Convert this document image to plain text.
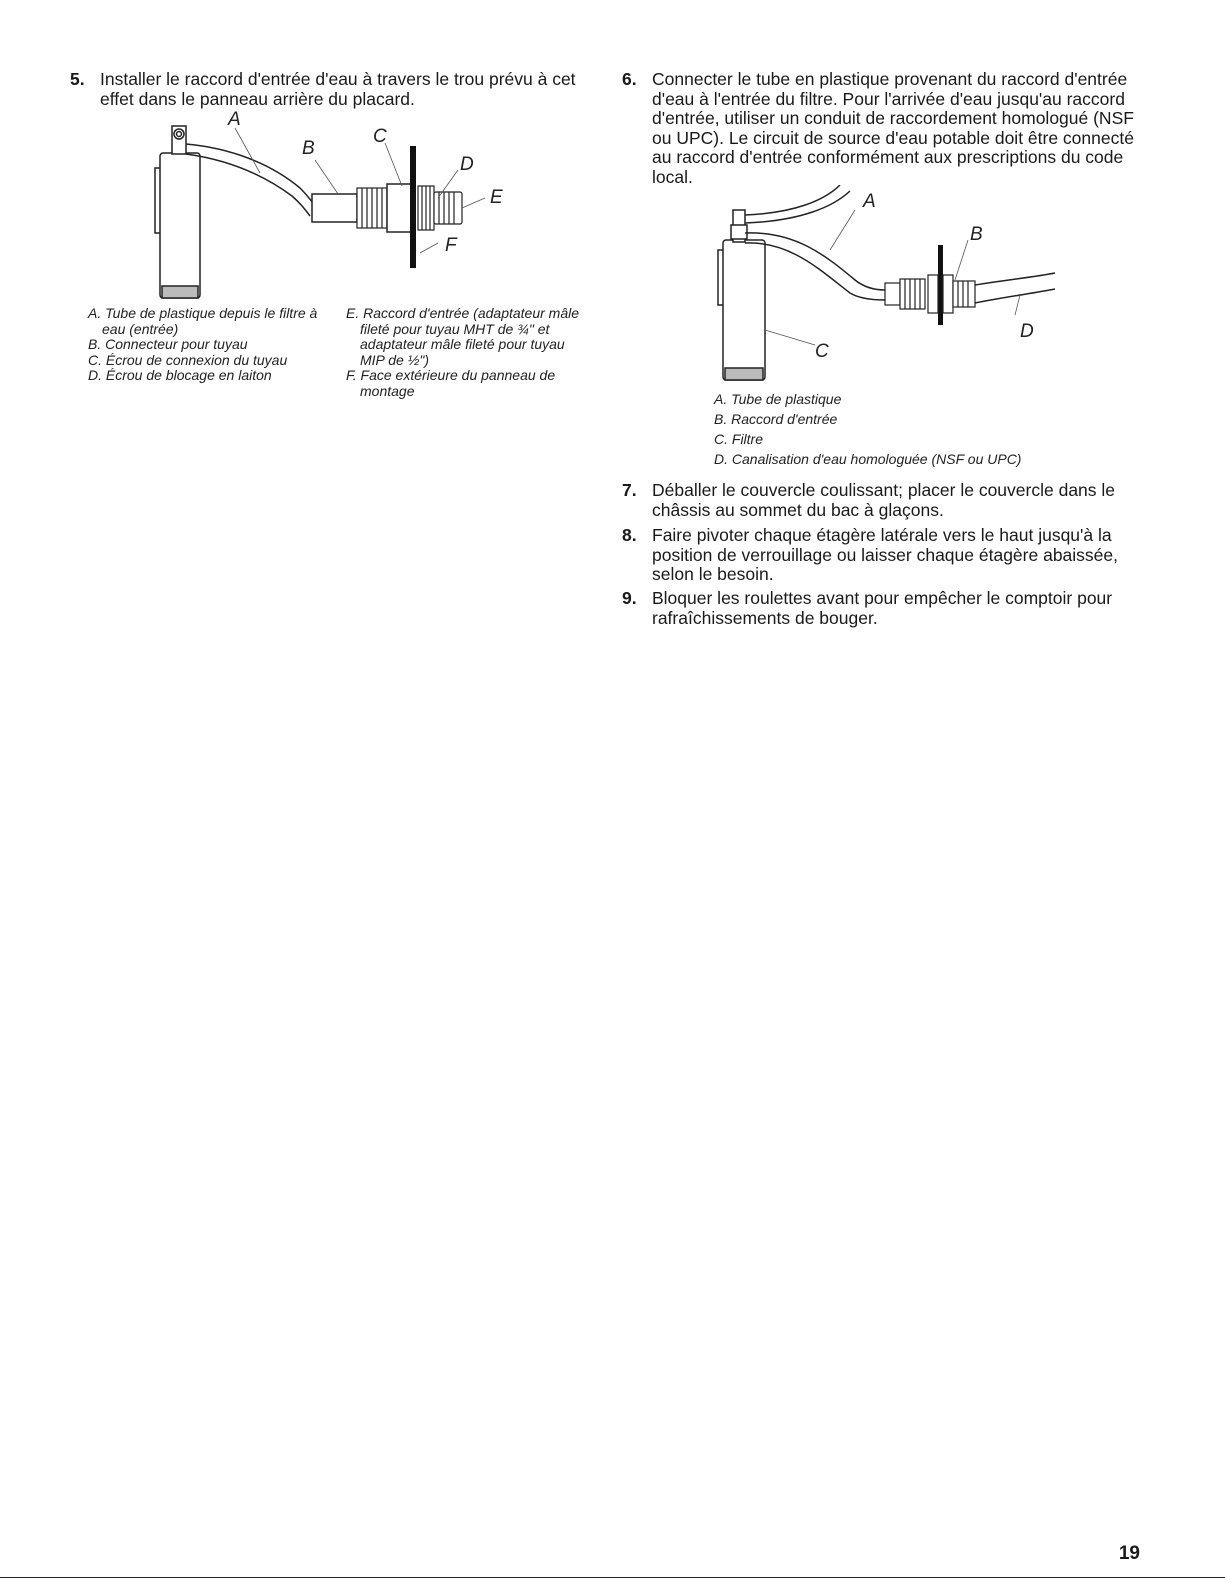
5. Installer le raccord d'entrée d'eau à travers le trou prévu à cet effet dans le panneau arrière du placard.
A
B
C
D
E
F
A. Tube de plastique depuis le filtre à eau (entrée)
B. Connecteur pour tuyau
C. Écrou de connexion du tuyau
D. Écrou de blocage en laiton
E. Raccord d'entrée (adaptateur mâle fileté pour tuyau MHT de ¾" et adaptateur mâle fileté pour tuyau MIP de ½")
F. Face extérieure du panneau de montage
6. Connecter le tube en plastique provenant du raccord d'entrée d'eau à l'entrée du filtre. Pour l'arrivée d'eau jusqu'au raccord d'entrée, utiliser un conduit de raccordement homologué (NSF ou UPC). Le circuit de source d'eau potable doit être connecté au raccord d'entrée conformément aux prescriptions du code local.
A
B
C
D
A. Tube de plastique
B. Raccord d'entrée
C. Filtre
D. Canalisation d'eau homologuée (NSF ou UPC)
7. Déballer le couvercle coulissant; placer le couvercle dans le châssis au sommet du bac à glaçons.
8. Faire pivoter chaque étagère latérale vers le haut jusqu'à la position de verrouillage ou laisser chaque étagère abaissée, selon le besoin.
9. Bloquer les roulettes avant pour empêcher le comptoir pour rafraîchissements de bouger.
19
